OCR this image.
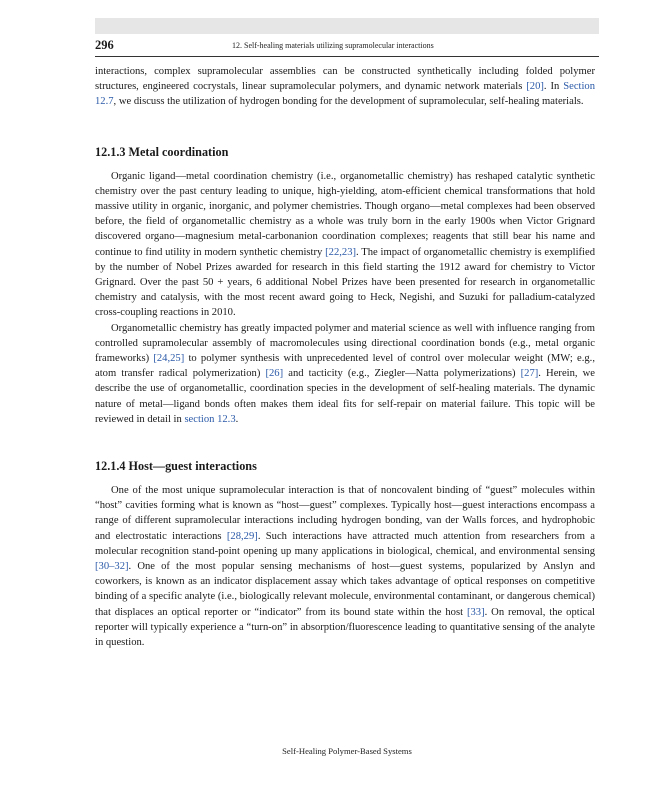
296	12. Self-healing materials utilizing supramolecular interactions

interactions, complex supramolecular assemblies can be constructed synthetically including folded polymer structures, engineered cocrystals, linear supramolecular polymers, and dynamic network materials [20]. In Section 12.7, we discuss the utilization of hydrogen bonding for the development of supramolecular, self-healing materials.

12.1.3 Metal coordination

Organic ligand—metal coordination chemistry (i.e., organometallic chemistry) has reshaped catalytic synthetic chemistry over the past century leading to unique, high-yielding, atom-efficient chemical transformations that hold massive utility in organic, inorganic, and polymer chemistries. Though organo—metal complexes had been observed before, the field of organometallic chemistry as a whole was truly born in the early 1900s when Victor Grignard discovered organo—magnesium metal-carbonanion coordination complexes; reagents that still bear his name and continue to find utility in modern synthetic chemistry [22,23]. The impact of organometallic chemistry is exemplified by the number of Nobel Prizes awarded for research in this field starting the 1912 award for chemistry to Victor Grignard. Over the past 50 + years, 6 additional Nobel Prizes have been presented for research in organometallic chemistry and catalysis, with the most recent award going to Heck, Negishi, and Suzuki for palladium-catalyzed cross-coupling reactions in 2010.

Organometallic chemistry has greatly impacted polymer and material science as well with influence ranging from controlled supramolecular assembly of macromolecules using directional coordination bonds (e.g., metal organic frameworks) [24,25] to polymer synthesis with unprecedented level of control over molecular weight (MW; e.g., atom transfer radical polymerization) [26] and tacticity (e.g., Ziegler—Natta polymerizations) [27]. Herein, we describe the use of organometallic, coordination species in the development of self-healing materials. The dynamic nature of metal—ligand bonds often makes them ideal fits for self-repair on material failure. This topic will be reviewed in detail in section 12.3.

12.1.4 Host—guest interactions

One of the most unique supramolecular interaction is that of noncovalent binding of “guest” molecules within “host” cavities forming what is known as “host—guest” complexes. Typically host—guest interactions encompass a range of different supramolecular interactions including hydrogen bonding, van der Walls forces, and hydrophobic and electrostatic interactions [28,29]. Such interactions have attracted much attention from researchers from a molecular recognition stand-point opening up many applications in biological, chemical, and environmental sensing [30–32]. One of the most popular sensing mechanisms of host—guest systems, popularized by Anslyn and coworkers, is known as an indicator displacement assay which takes advantage of optical responses on competitive binding of a specific analyte (i.e., biologically relevant molecule, environmental contaminant, or dangerous chemical) that displaces an optical reporter or “indicator” from its bound state within the host [33]. On removal, the optical reporter will typically experience a “turn-on” in absorption/fluorescence leading to quantitative sensing of the analyte in question.

Self-Healing Polymer-Based Systems
